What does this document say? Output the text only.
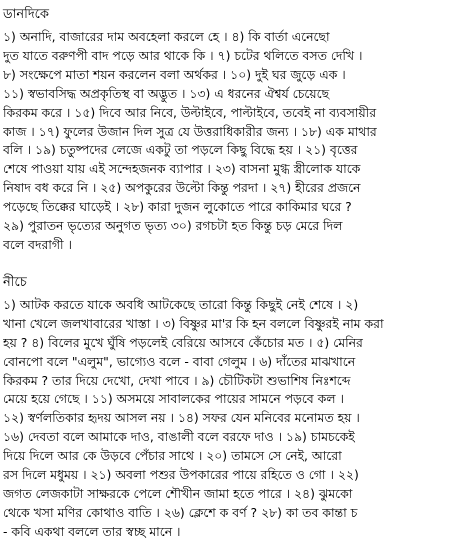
ডানদিকে
১) অনাদি, বাজারের দাম অবহেলা করলে হে । ৪) কি বার্তা এনেছো
দুত যাতে বরুণপী বাদ পড়ে আর থাকে কি । ৭) চটের থলিতে বসত দেখি ।
৮) সংক্ষেপে মাতা শয়ন করলেন বলা অর্থকর । ১০) দুই ঘর জুড়ে এক ।
১১) স্বভাবসিদ্ধ অপ্রকৃতিস্থ বা অদ্ভুত । ১৩) এ ধরনের ঐশ্বর্য চেয়েছে
কিরকম করে । ১৫) দিবে আর নিবে, উল্টাইবে, পাল্টাইবে, তবেই না ব্যবসায়ীর
কাজ । ১৭) ফুলের উজান দিল সুত্র যে উত্তরাধিকারীর জন্য । ১৮) এক মাথার
বলি । ১৯) চতুষ্পদের লেজে একটু তা পড়লে কিছু বিদ্ধে হয় । ২১) বৃত্তের
শেষে পাওয়া যায় এই সন্দেহজনক ব্যাপার । ২৩) বাসনা মুগ্ধ স্ত্রীলোক যাকে
নিষাদ বধ করে নি । ২৫) অপকুরের উল্টো কিন্তু পরদা । ২৭) হীরের প্রজনে
পড়েছে তিক্কের ঘাড়েই । ২৮) কারা দুজন লুকোতে পারে কাকিমার ঘরে ?
২৯) পুরাতন ভৃত্যের অনুগত ভৃত্য ৩০) রগচটা হত কিন্তু চড় মেরে দিল
বলে বদরাগী ।
নীচে
১) আটক করতে যাকে অবধি আটকেছে তারো কিন্তু কিছুই নেই শেষে । ২)
খানা খেলে জলখাবারের খাস্তা । ৩) বিষ্ণুর মা'র কি হন বললে বিষ্ণুরই নাম করা
হয় ? ৪) বিলের মুখে ঘুঁষি পড়লেই বেরিয়ে আসবে কেঁচোর মত । ৫) মেনির
বোনপো বলে "এলুম", ভাগ্যেও বলে - বাবা গেলুম । ৬) দাঁতের মাঝখানে
কিরকম ? তার দিয়ে দেখো, দেখা পাবে । ৯) চৌটিকটা শুভাশিষ নিঃশব্দে
মেয়ে হয়ে গেছে । ১১) অসময়ে সাবালকের পায়ের সামনে পড়বে কল ।
১২) স্বর্ণলতিকার হৃদয় আসল নয় । ১৪) সফর যেন মনিবের মনোমত হয় ।
১৬) দেবতা বলে আমাকে দাও, বাঙালী বলে বরফে দাও । ১৯) চামচকেই
দিয়ে দিলে আর কে উড়বে পেঁচার সাথে । ২০) তামসে সে নেই, আরো
রস দিলে মধুময় । ২১) অবলা পশুর উপকারের পায়ে রহিতে ও গো । ২২)
জগত লেজকাটা সাক্ষরকে পেলে শৌখীন জামা হতে পারে । ২৪) ঝুমকো
থেকে খসা মণির কোথাও বাতি । ২৬) ক্লেশে ক বর্ণ ? ২৮) কা তব কান্তা চ
- কবি একথা বললে তার স্বচ্ছ মানে ।
